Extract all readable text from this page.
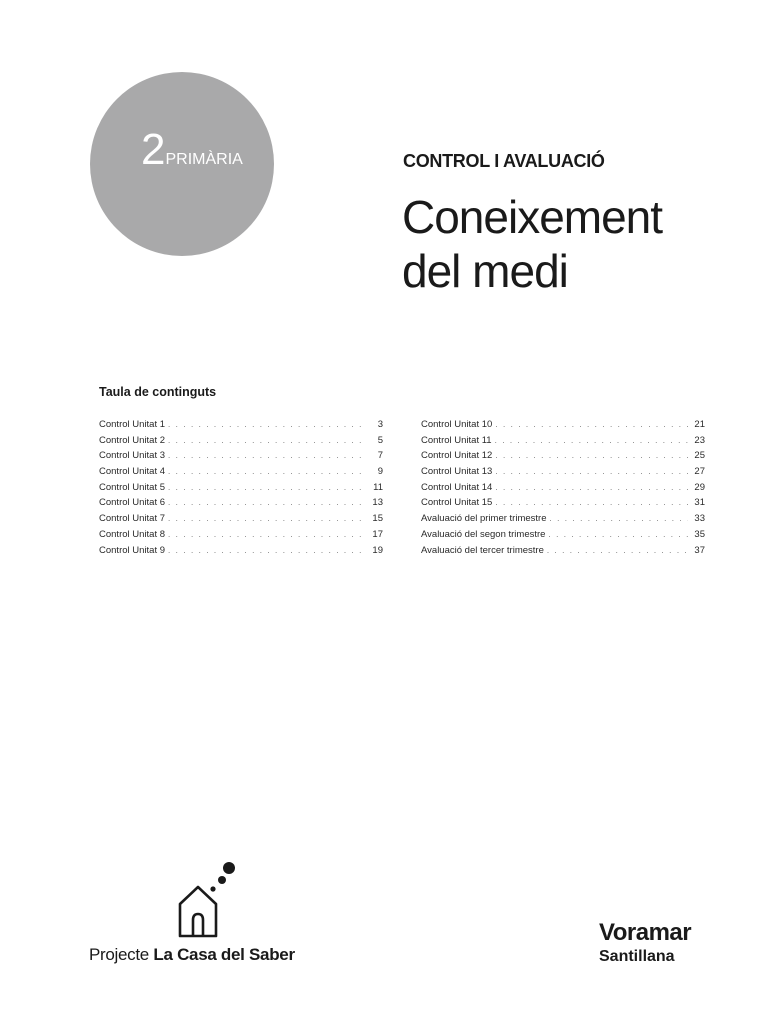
2 PRIMÀRIA	CONTROL I AVALUACIÓ
Coneixement
del medi
Taula de continguts
Control Unitat 1 . . .	3
Control Unitat 2 . . .	5
Control Unitat 3 . . .	7
Control Unitat 4 . . .	9
Control Unitat 5 . . .	11
Control Unitat 6 . . .	13
Control Unitat 7 . . .	15
Control Unitat 8 . . .	17
Control Unitat 9 . . .	19
Control Unitat 10 . . .	21
Control Unitat 11 . . .	23
Control Unitat 12 . . .	25
Control Unitat 13 . . .	27
Control Unitat 14 . . .	29
Control Unitat 15 . . .	31
Avaluació del primer trimestre . . .	33
Avaluació del segon trimestre . . .	35
Avaluació del tercer trimestre . . .	37
Projecte La Casa del Saber
Voramar
Santillana
